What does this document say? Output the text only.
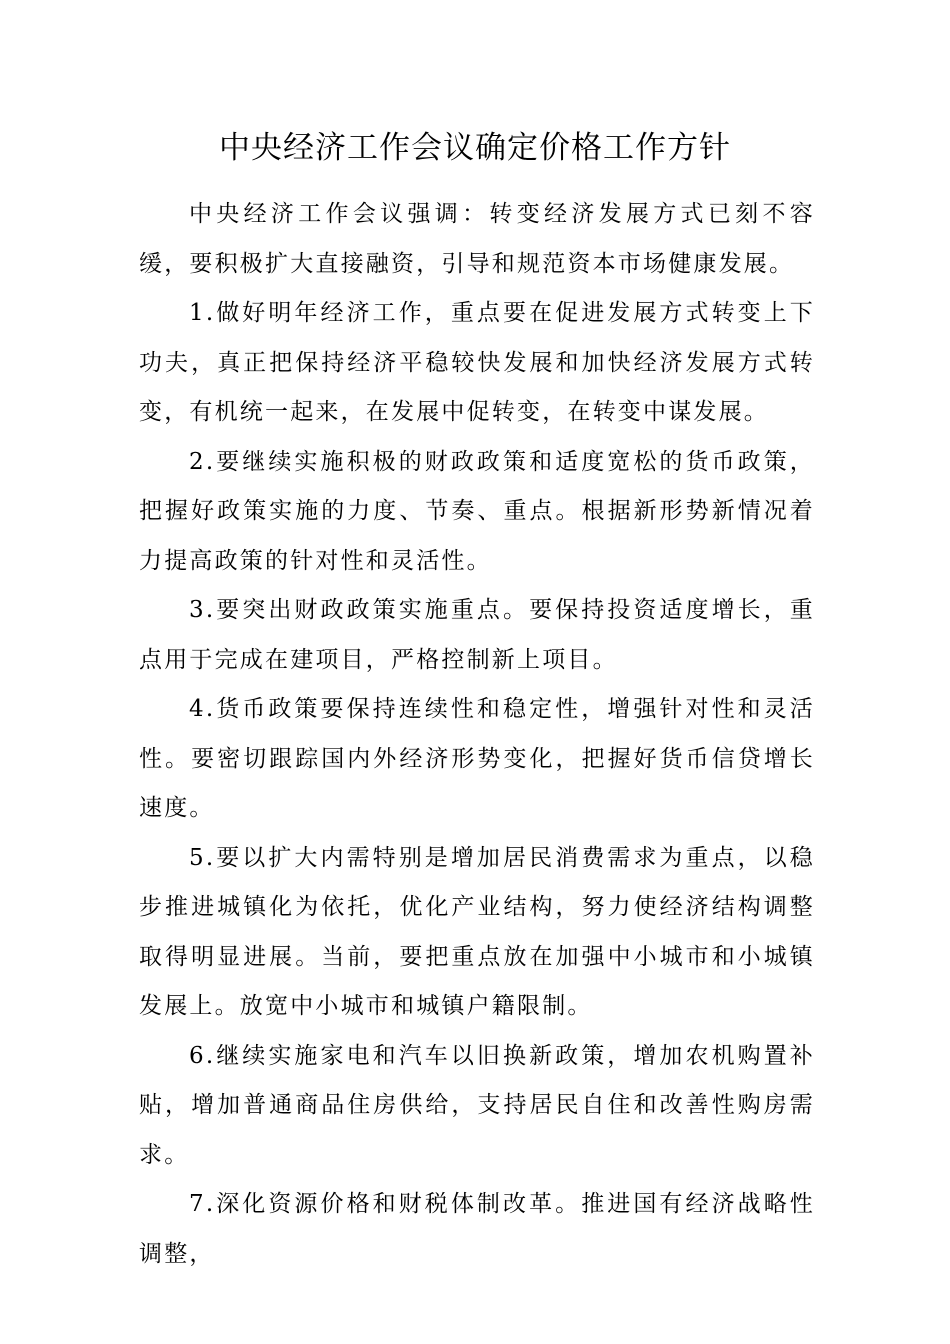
中央经济工作会议确定价格工作方针

中央经济工作会议强调：转变经济发展方式已刻不容缓，要积极扩大直接融资，引导和规范资本市场健康发展。

1.做好明年经济工作，重点要在促进发展方式转变上下功夫，真正把保持经济平稳较快发展和加快经济发展方式转变，有机统一起来，在发展中促转变，在转变中谋发展。

2.要继续实施积极的财政政策和适度宽松的货币政策，把握好政策实施的力度、节奏、重点。根据新形势新情况着力提高政策的针对性和灵活性。

3.要突出财政政策实施重点。要保持投资适度增长，重点用于完成在建项目，严格控制新上项目。

4.货币政策要保持连续性和稳定性，增强针对性和灵活性。要密切跟踪国内外经济形势变化，把握好货币信贷增长速度。

5.要以扩大内需特别是增加居民消费需求为重点，以稳步推进城镇化为依托，优化产业结构，努力使经济结构调整取得明显进展。当前，要把重点放在加强中小城市和小城镇发展上。放宽中小城市和城镇户籍限制。

6.继续实施家电和汽车以旧换新政策，增加农机购置补贴，增加普通商品住房供给，支持居民自住和改善性购房需求。

7.深化资源价格和财税体制改革。推进国有经济战略性调整，
